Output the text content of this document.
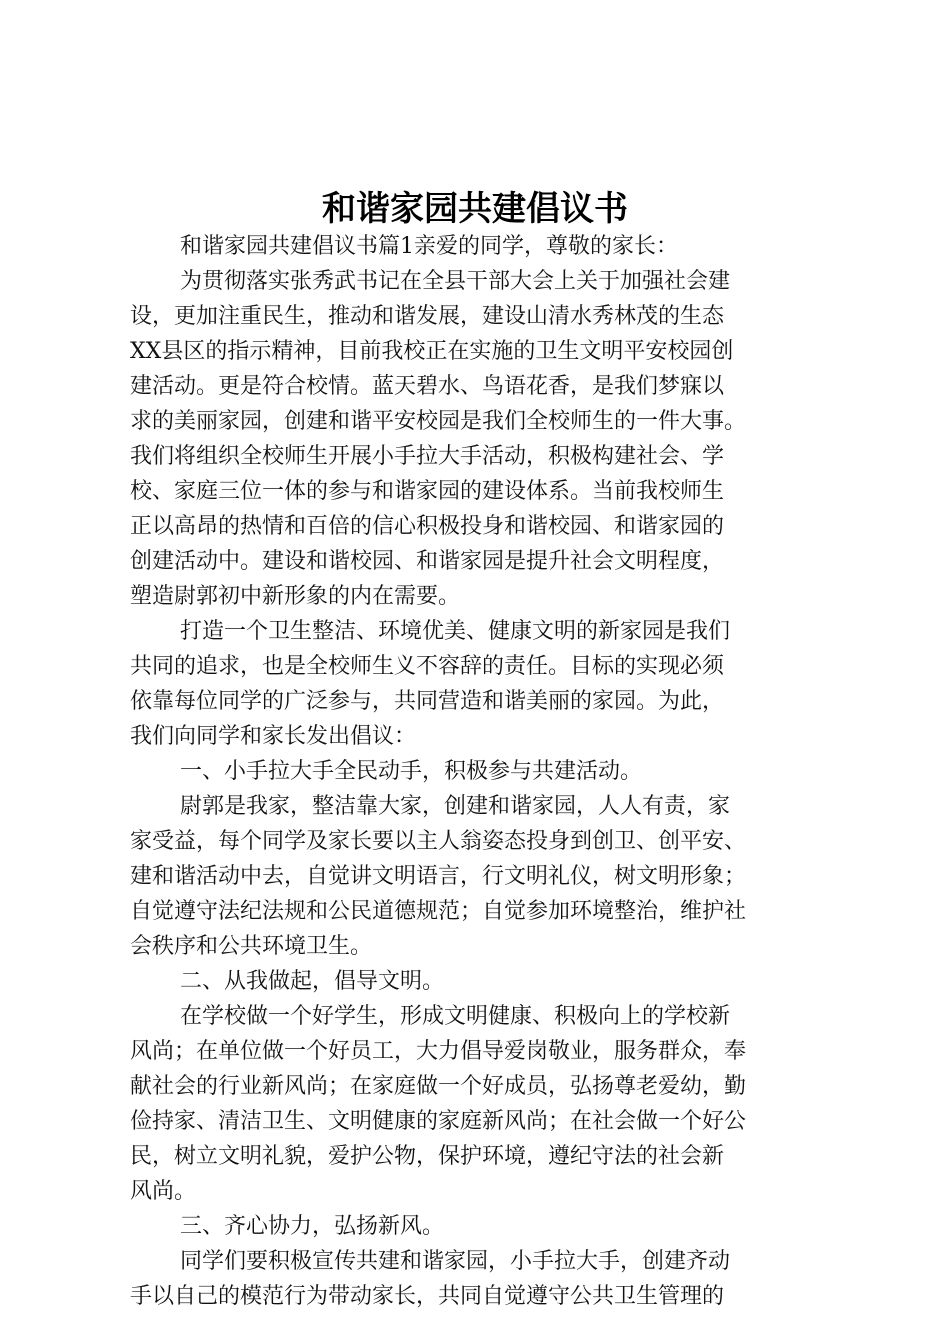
和谐家园共建倡议书
和谐家园共建倡议书篇1亲爱的同学，尊敬的家长：
为贯彻落实张秀武书记在全县干部大会上关于加强社会建
设，更加注重民生，推动和谐发展，建设山清水秀林茂的生态
XX县区的指示精神，目前我校正在实施的卫生文明平安校园创
建活动。更是符合校情。蓝天碧水、鸟语花香，是我们梦寐以
求的美丽家园，创建和谐平安校园是我们全校师生的一件大事。
我们将组织全校师生开展小手拉大手活动，积极构建社会、学
校、家庭三位一体的参与和谐家园的建设体系。当前我校师生
正以高昂的热情和百倍的信心积极投身和谐校园、和谐家园的
创建活动中。建设和谐校园、和谐家园是提升社会文明程度，
塑造尉郭初中新形象的内在需要。
打造一个卫生整洁、环境优美、健康文明的新家园是我们
共同的追求，也是全校师生义不容辞的责任。目标的实现必须
依靠每位同学的广泛参与，共同营造和谐美丽的家园。为此，
我们向同学和家长发出倡议：
一、小手拉大手全民动手，积极参与共建活动。
尉郭是我家，整洁靠大家，创建和谐家园，人人有责，家
家受益，每个同学及家长要以主人翁姿态投身到创卫、创平安、
建和谐活动中去，自觉讲文明语言，行文明礼仪，树文明形象；
自觉遵守法纪法规和公民道德规范；自觉参加环境整治，维护社
会秩序和公共环境卫生。
二、从我做起，倡导文明。
在学校做一个好学生，形成文明健康、积极向上的学校新
风尚；在单位做一个好员工，大力倡导爱岗敬业，服务群众，奉
献社会的行业新风尚；在家庭做一个好成员，弘扬尊老爱幼，勤
俭持家、清洁卫生、文明健康的家庭新风尚；在社会做一个好公
民，树立文明礼貌，爱护公物，保护环境，遵纪守法的社会新
风尚。
三、齐心协力，弘扬新风。
同学们要积极宣传共建和谐家园，小手拉大手，创建齐动
手以自己的模范行为带动家长，共同自觉遵守公共卫生管理的
